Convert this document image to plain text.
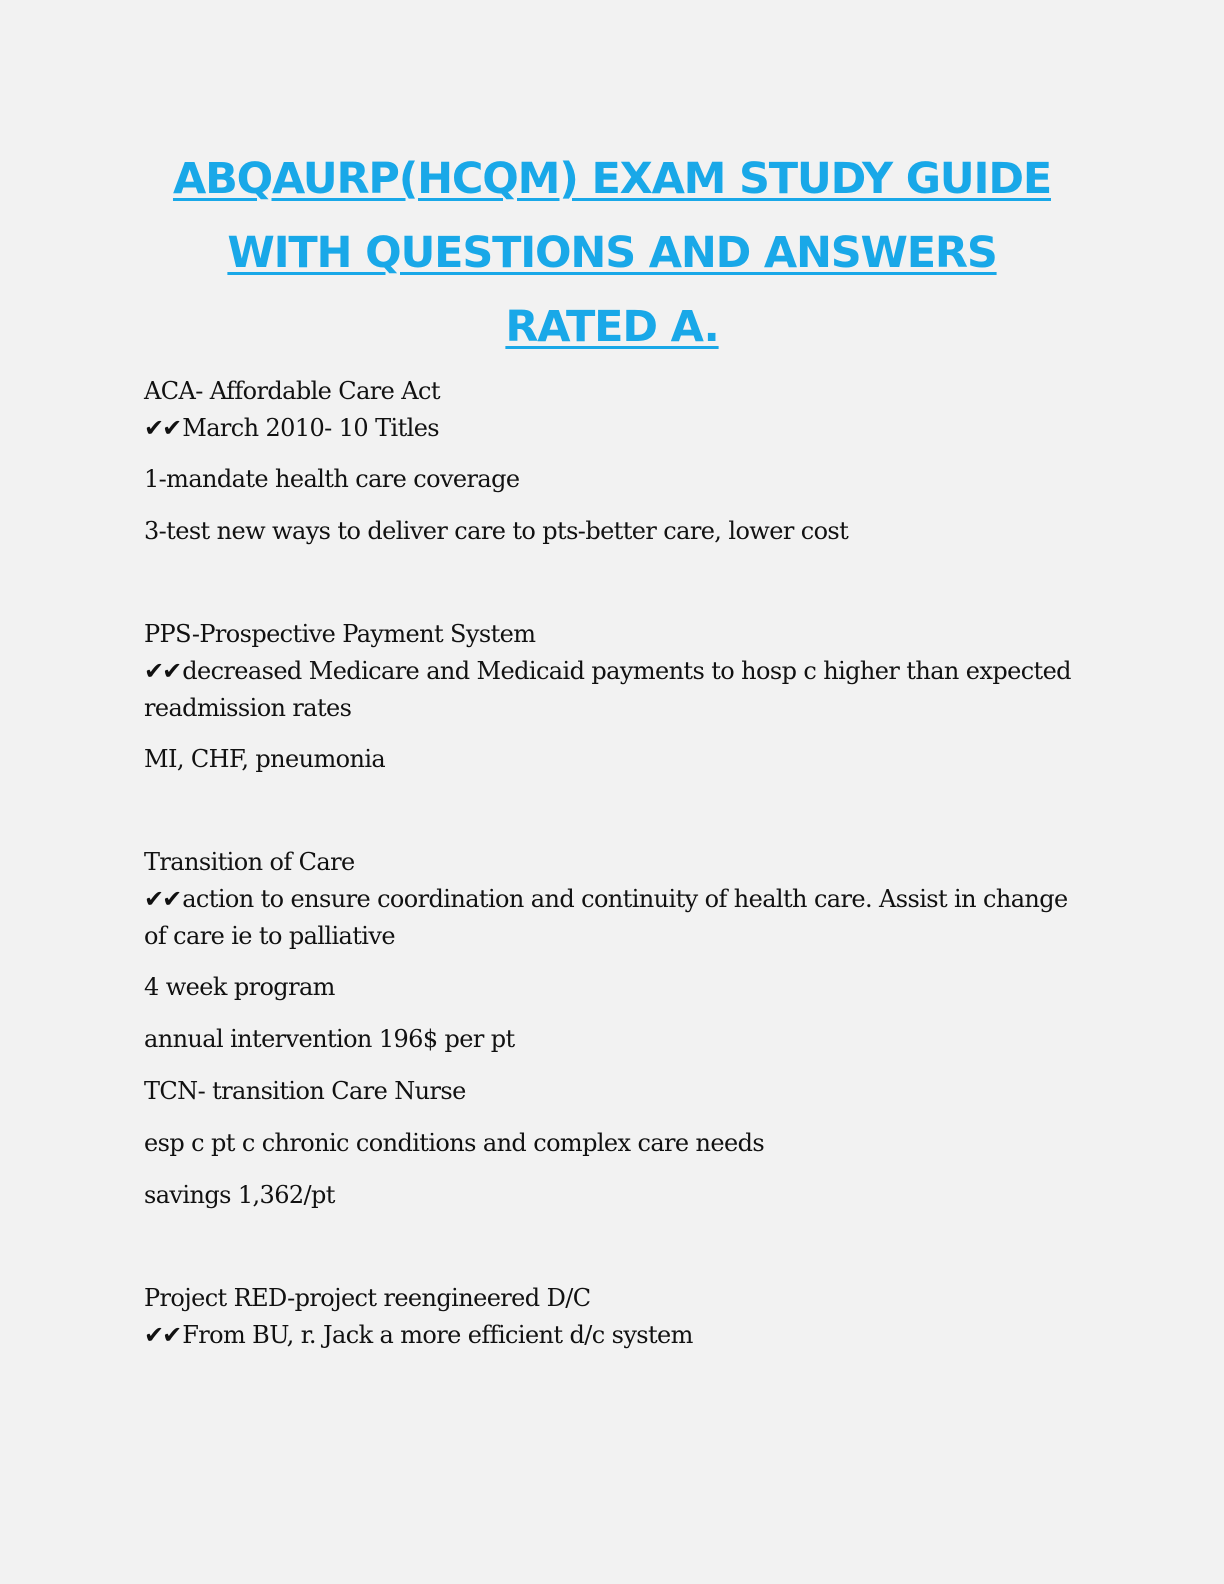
ABQAURP(HCQM) EXAM STUDY GUIDE
WITH QUESTIONS AND ANSWERS
RATED A.

ACA- Affordable Care Act

✔✔March 2010- 10 Titles

1-mandate health care coverage

3-test new ways to deliver care to pts-better care, lower cost

PPS-Prospective Payment System

✔✔decreased Medicare and Medicaid payments to hosp c higher than expected readmission rates

MI, CHF, pneumonia

Transition of Care

✔✔action to ensure coordination and continuity of health care. Assist in change of care ie to palliative

4 week program

annual intervention 196$ per pt

TCN- transition Care Nurse

esp c pt c chronic conditions and complex care needs

savings 1,362/pt

Project RED-project reengineered D/C

✔✔From BU, r. Jack a more efficient d/c system
